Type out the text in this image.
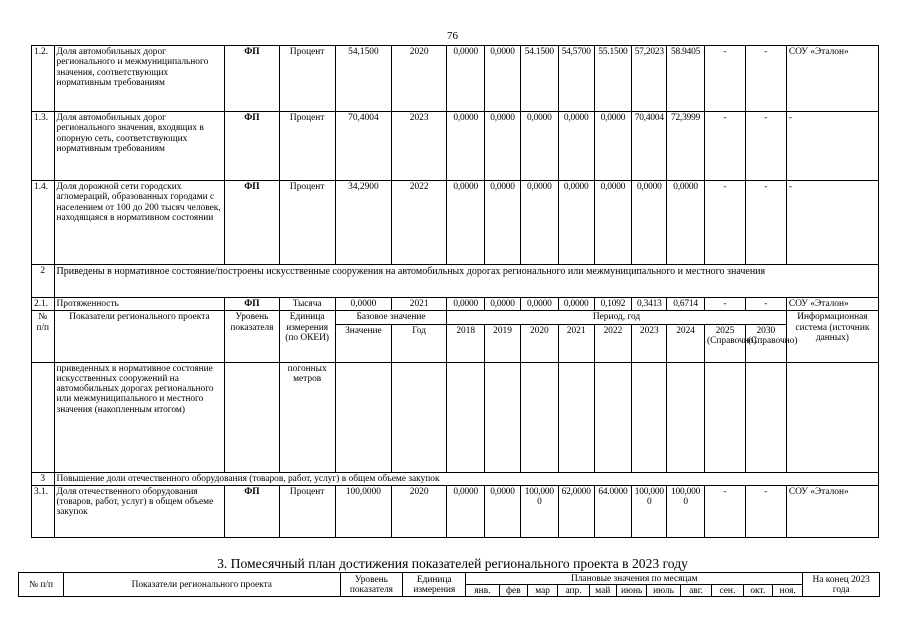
76
1.2.	Доля автомобильных дорог регионального и межмуниципального значения, соответствующих нормативным требованиям	ФП	Процент	54,1500	2020	0,0000	0,0000	54.1500	54,5700	55.1500	57,2023	58.9405	-	-	СОУ «Эталон»
1.3.	Доля автомобильных дорог регионального значения, входящих в опорную сеть, соответствующих нормативным требованиям	ФП	Процент	70,4004	2023	0,0000	0,0000	0,0000	0,0000	0,0000	70,4004	72,3999	-	-	-
1.4.	Доля дорожной сети городских агломераций, образованных городами с населением от 100 до 200 тысяч человек, находящаяся в нормативном состоянии	ФП	Процент	34,2900	2022	0,0000	0,0000	0,0000	0,0000	0,0000	0,0000	0,0000	-	-	-
2	Приведены в нормативное состояние/построены искусственные сооружения на автомобильных дорогах регионального или межмуниципального и местного значения														
2.1.	Протяженность	ФП	Тысяча	0,0000	2021	0,0000	0,0000	0,0000	0,0000	0,1092	0,3413	0,6714	-	-	СОУ «Эталон»
№ п/п	Показатели регионального проекта	Уровень показателя	Единица измерения (по ОКЕИ)	Базовое значение		Период, год									Информационная система (источник данных)
				Значение	Год	2018	2019	2020	2021	2022	2023	2024	2025 (Справочно)	2030 (Справочно)	
	приведенных в нормативное состояние искусственных сооружений на автомобильных дорогах регионального или межмуниципального и местного значения (накопленным итогом)		погонных метров												
3	Повышение доли отечественного оборудования (товаров, работ, услуг) в общем объеме закупок														
3.1.	Доля отечественного оборудования (товаров, работ, услуг) в общем объеме закупок	ФП	Процент	100,0000	2020	0,0000	0,0000	100,0000	62,0000	64.0000	100,0000	100,0000	-	-	СОУ «Эталон»
3. Помесячный план достижения показателей регионального проекта в 2023 году
№ п/п	Показатели регионального проекта	Уровень показателя	Единица измерения	Плановые значения по месяцам											На конец 2023 года
				янв.	фев	мар	апр.	май	июнь	июль	авг.	сен.	окт.	ноя.	
